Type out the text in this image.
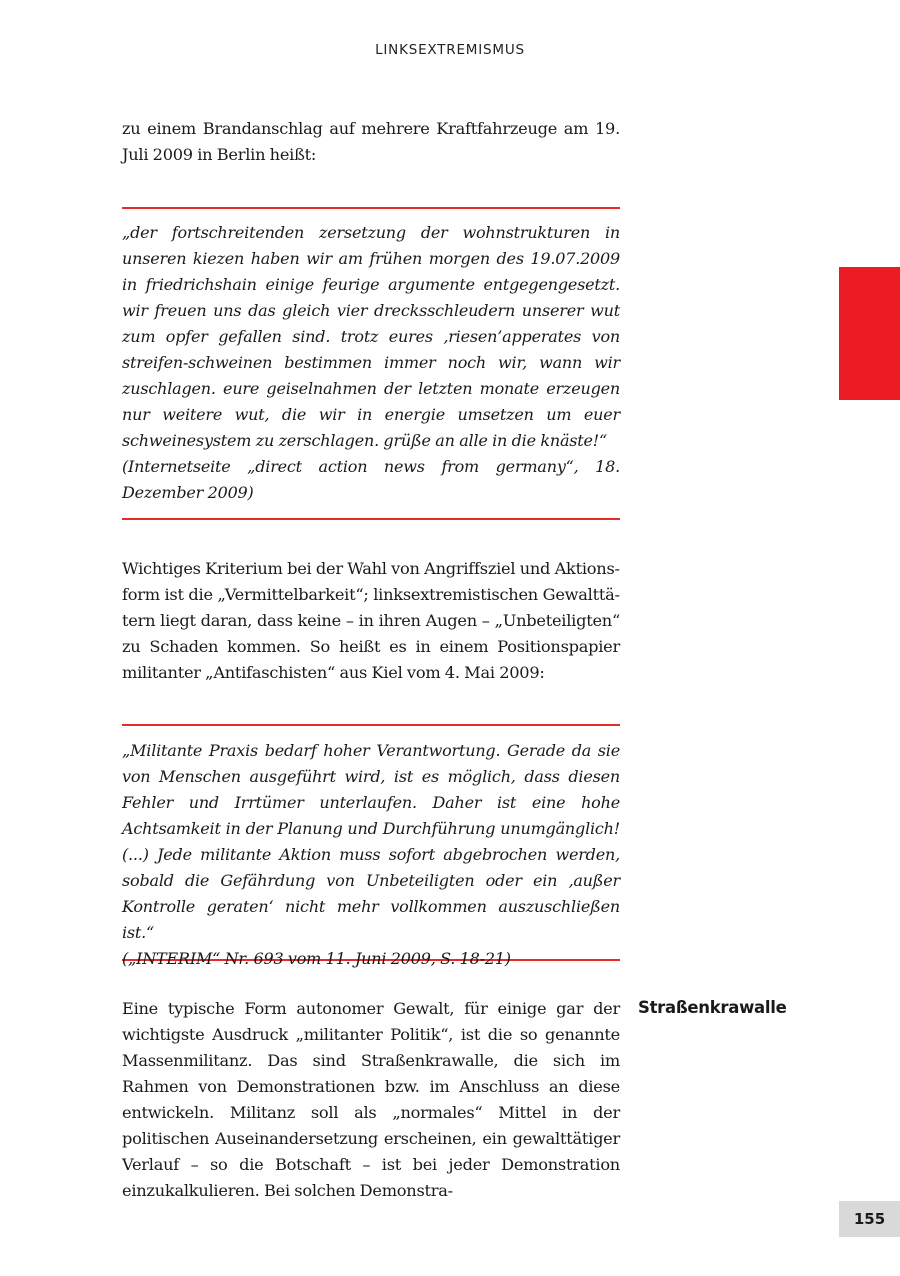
LINKSEXTREMISMUS

zu einem Brandanschlag auf mehrere Kraftfahrzeuge am 19. Juli 2009 in Berlin heißt:

„der fortschreitenden zersetzung der wohnstrukturen in unseren kiezen haben wir am frühen morgen des 19.07.2009 in friedrichshain einige feurige argumente entgegengesetzt. wir freuen uns das gleich vier drecksschleudern unserer wut zum opfer gefallen sind. trotz eures ‚riesen’apperates von streifen-schweinen bestimmen immer noch wir, wann wir zuschlagen. eure geiselnahmen der letzten monate erzeugen nur weitere wut, die wir in energie umsetzen um euer schweinesystem zu zerschlagen. grüße an alle in die knäste!“

(Internetseite „direct action news from germany“, 18. Dezember 2009)

Wichtiges Kriterium bei der Wahl von Angriffsziel und Aktionsform ist die „Vermittelbarkeit“; linksextremistischen Gewalttätern liegt daran, dass keine – in ihren Augen – „Unbeteiligten“ zu Schaden kommen. So heißt es in einem Positionspapier militanter „Antifaschisten“ aus Kiel vom 4. Mai 2009:

„Militante Praxis bedarf hoher Verantwortung. Gerade da sie von Menschen ausgeführt wird, ist es möglich, dass diesen Fehler und Irrtümer unterlaufen. Daher ist eine hohe Achtsamkeit in der Planung und Durchführung unumgänglich! (...) Jede militante Aktion muss sofort abgebrochen werden, sobald die Gefährdung von Unbeteiligten oder ein ‚außer Kontrolle geraten‘ nicht mehr vollkommen auszuschließen ist.“

(„INTERIM“ Nr. 693 vom 11. Juni 2009, S. 18-21)

Eine typische Form autonomer Gewalt, für einige gar der wichtigste Ausdruck „militanter Politik“, ist die so genannte Massenmilitanz. Das sind Straßenkrawalle, die sich im Rahmen von Demonstrationen bzw. im Anschluss an diese entwickeln. Militanz soll als „normales“ Mittel in der politischen Auseinandersetzung erscheinen, ein gewalttätiger Verlauf – so die Botschaft – ist bei jeder Demonstration einzukalkulieren. Bei solchen Demonstra-

Straßenkrawalle
155
